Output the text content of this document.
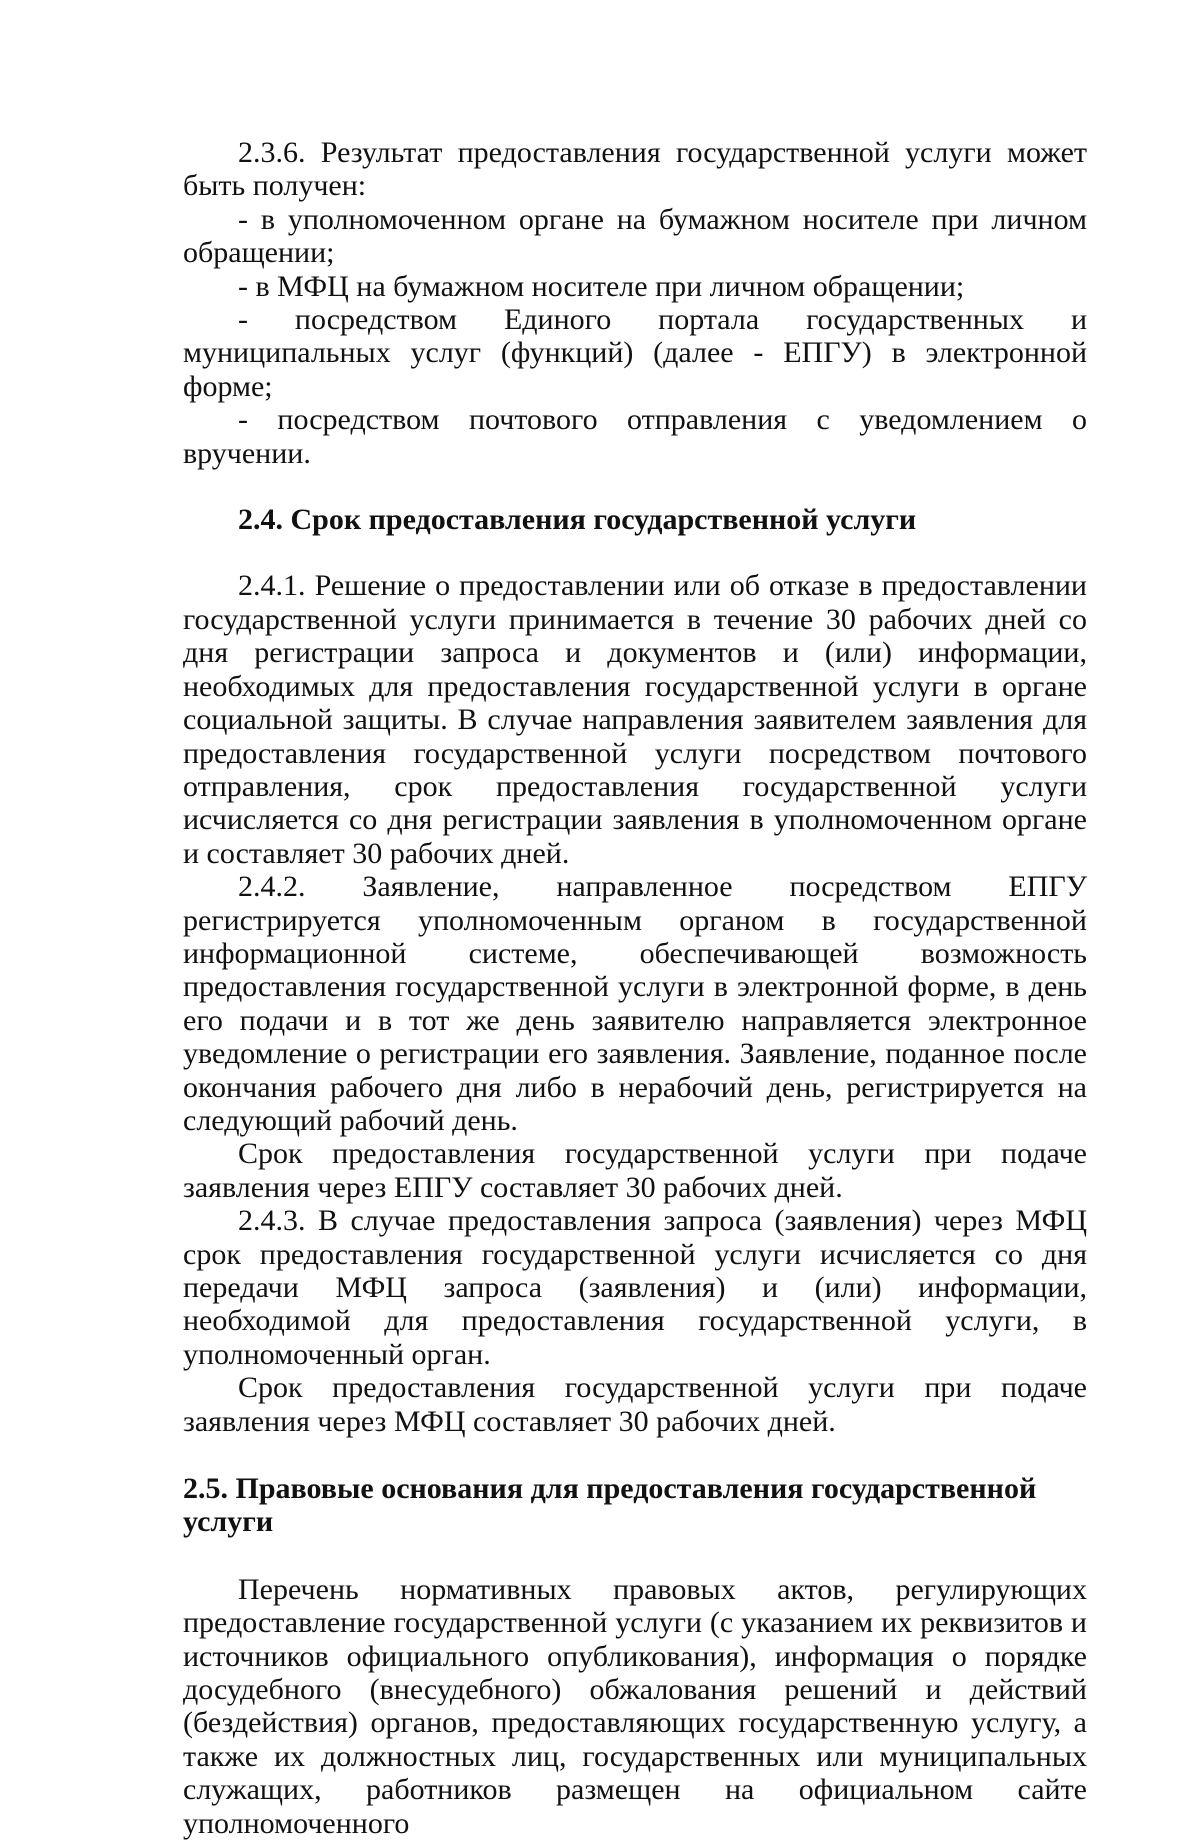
2.3.6. Результат предоставления государственной услуги может быть получен:

- в уполномоченном органе на бумажном носителе при личном обращении;

- в МФЦ на бумажном носителе при личном обращении;

- посредством Единого портала государственных и муниципальных услуг (функций) (далее - ЕПГУ) в электронной форме;

- посредством почтового отправления с уведомлением о вручении.

2.4. Срок предоставления государственной услуги

2.4.1. Решение о предоставлении или об отказе в предоставлении государственной услуги принимается в течение 30 рабочих дней со дня регистрации запроса и документов и (или) информации, необходимых для предоставления государственной услуги в органе социальной защиты. В случае направления заявителем заявления для предоставления государственной услуги посредством почтового отправления, срок предоставления государственной услуги исчисляется со дня регистрации заявления в уполномоченном органе и составляет 30 рабочих дней.

2.4.2. Заявление, направленное посредством ЕПГУ регистрируется уполномоченным органом в государственной информационной системе, обеспечивающей возможность предоставления государственной услуги в электронной форме, в день его подачи и в тот же день заявителю направляется электронное уведомление о регистрации его заявления. Заявление, поданное после окончания рабочего дня либо в нерабочий день, регистрируется на следующий рабочий день.

Срок предоставления государственной услуги при подаче заявления через ЕПГУ составляет 30 рабочих дней.

2.4.3. В случае предоставления запроса (заявления) через МФЦ срок предоставления государственной услуги исчисляется со дня передачи МФЦ запроса (заявления) и (или) информации, необходимой для предоставления государственной услуги, в уполномоченный орган.

Срок предоставления государственной услуги при подаче заявления через МФЦ составляет 30 рабочих дней.

2.5. Правовые основания для предоставления государственной услуги

Перечень нормативных правовых актов, регулирующих предоставление государственной услуги (с указанием их реквизитов и источников официального опубликования), информация о порядке досудебного (внесудебного) обжалования решений и действий (бездействия) органов, предоставляющих государственную услугу, а также их должностных лиц, государственных или муниципальных служащих, работников размещен на официальном сайте уполномоченного
